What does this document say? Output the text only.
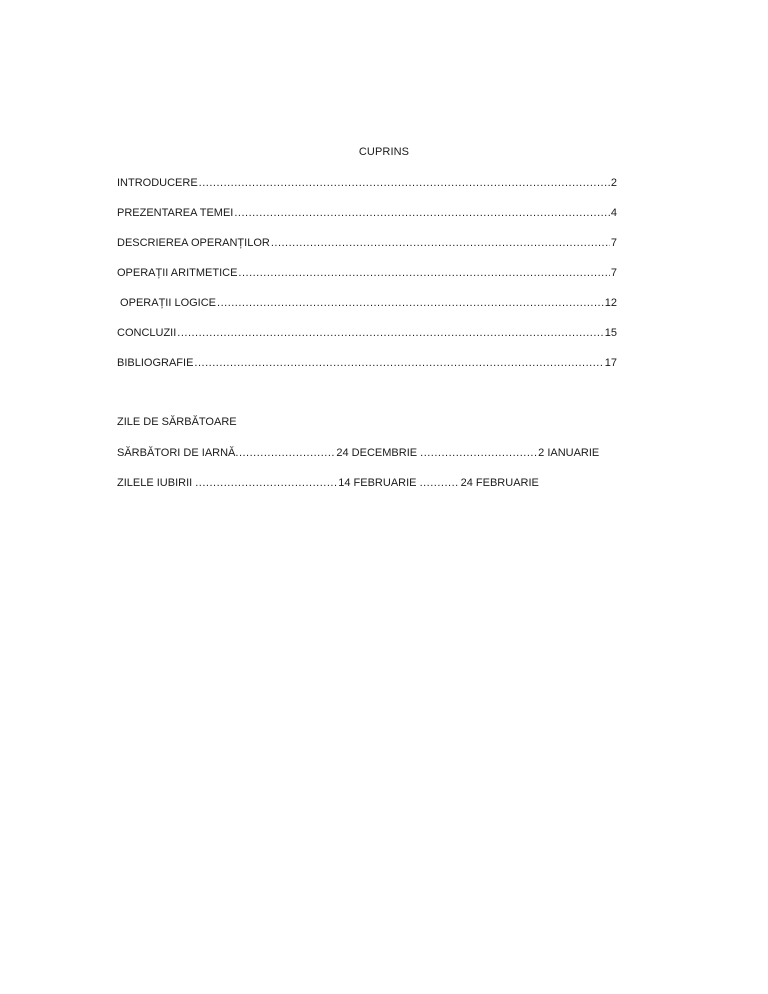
CUPRINS
INTRODUCERE .....	2
PREZENTAREA TEMEI .....	4
DESCRIEREA OPERANȚILOR .....	7
OPERAȚII ARITMETICE .....	7
OPERAȚII LOGICE .....	12
CONCLUZII .....	15
BIBLIOGRAFIE .....	17
ZILE DE SĂRBĂTOARE
SĂRBĂTORI DE IARNĂ .....	24 DECEMBRIE .....	2 IANUARIE
ZILELE IUBIRII .....	14 FEBRUARIE .....	24 FEBRUARIE
